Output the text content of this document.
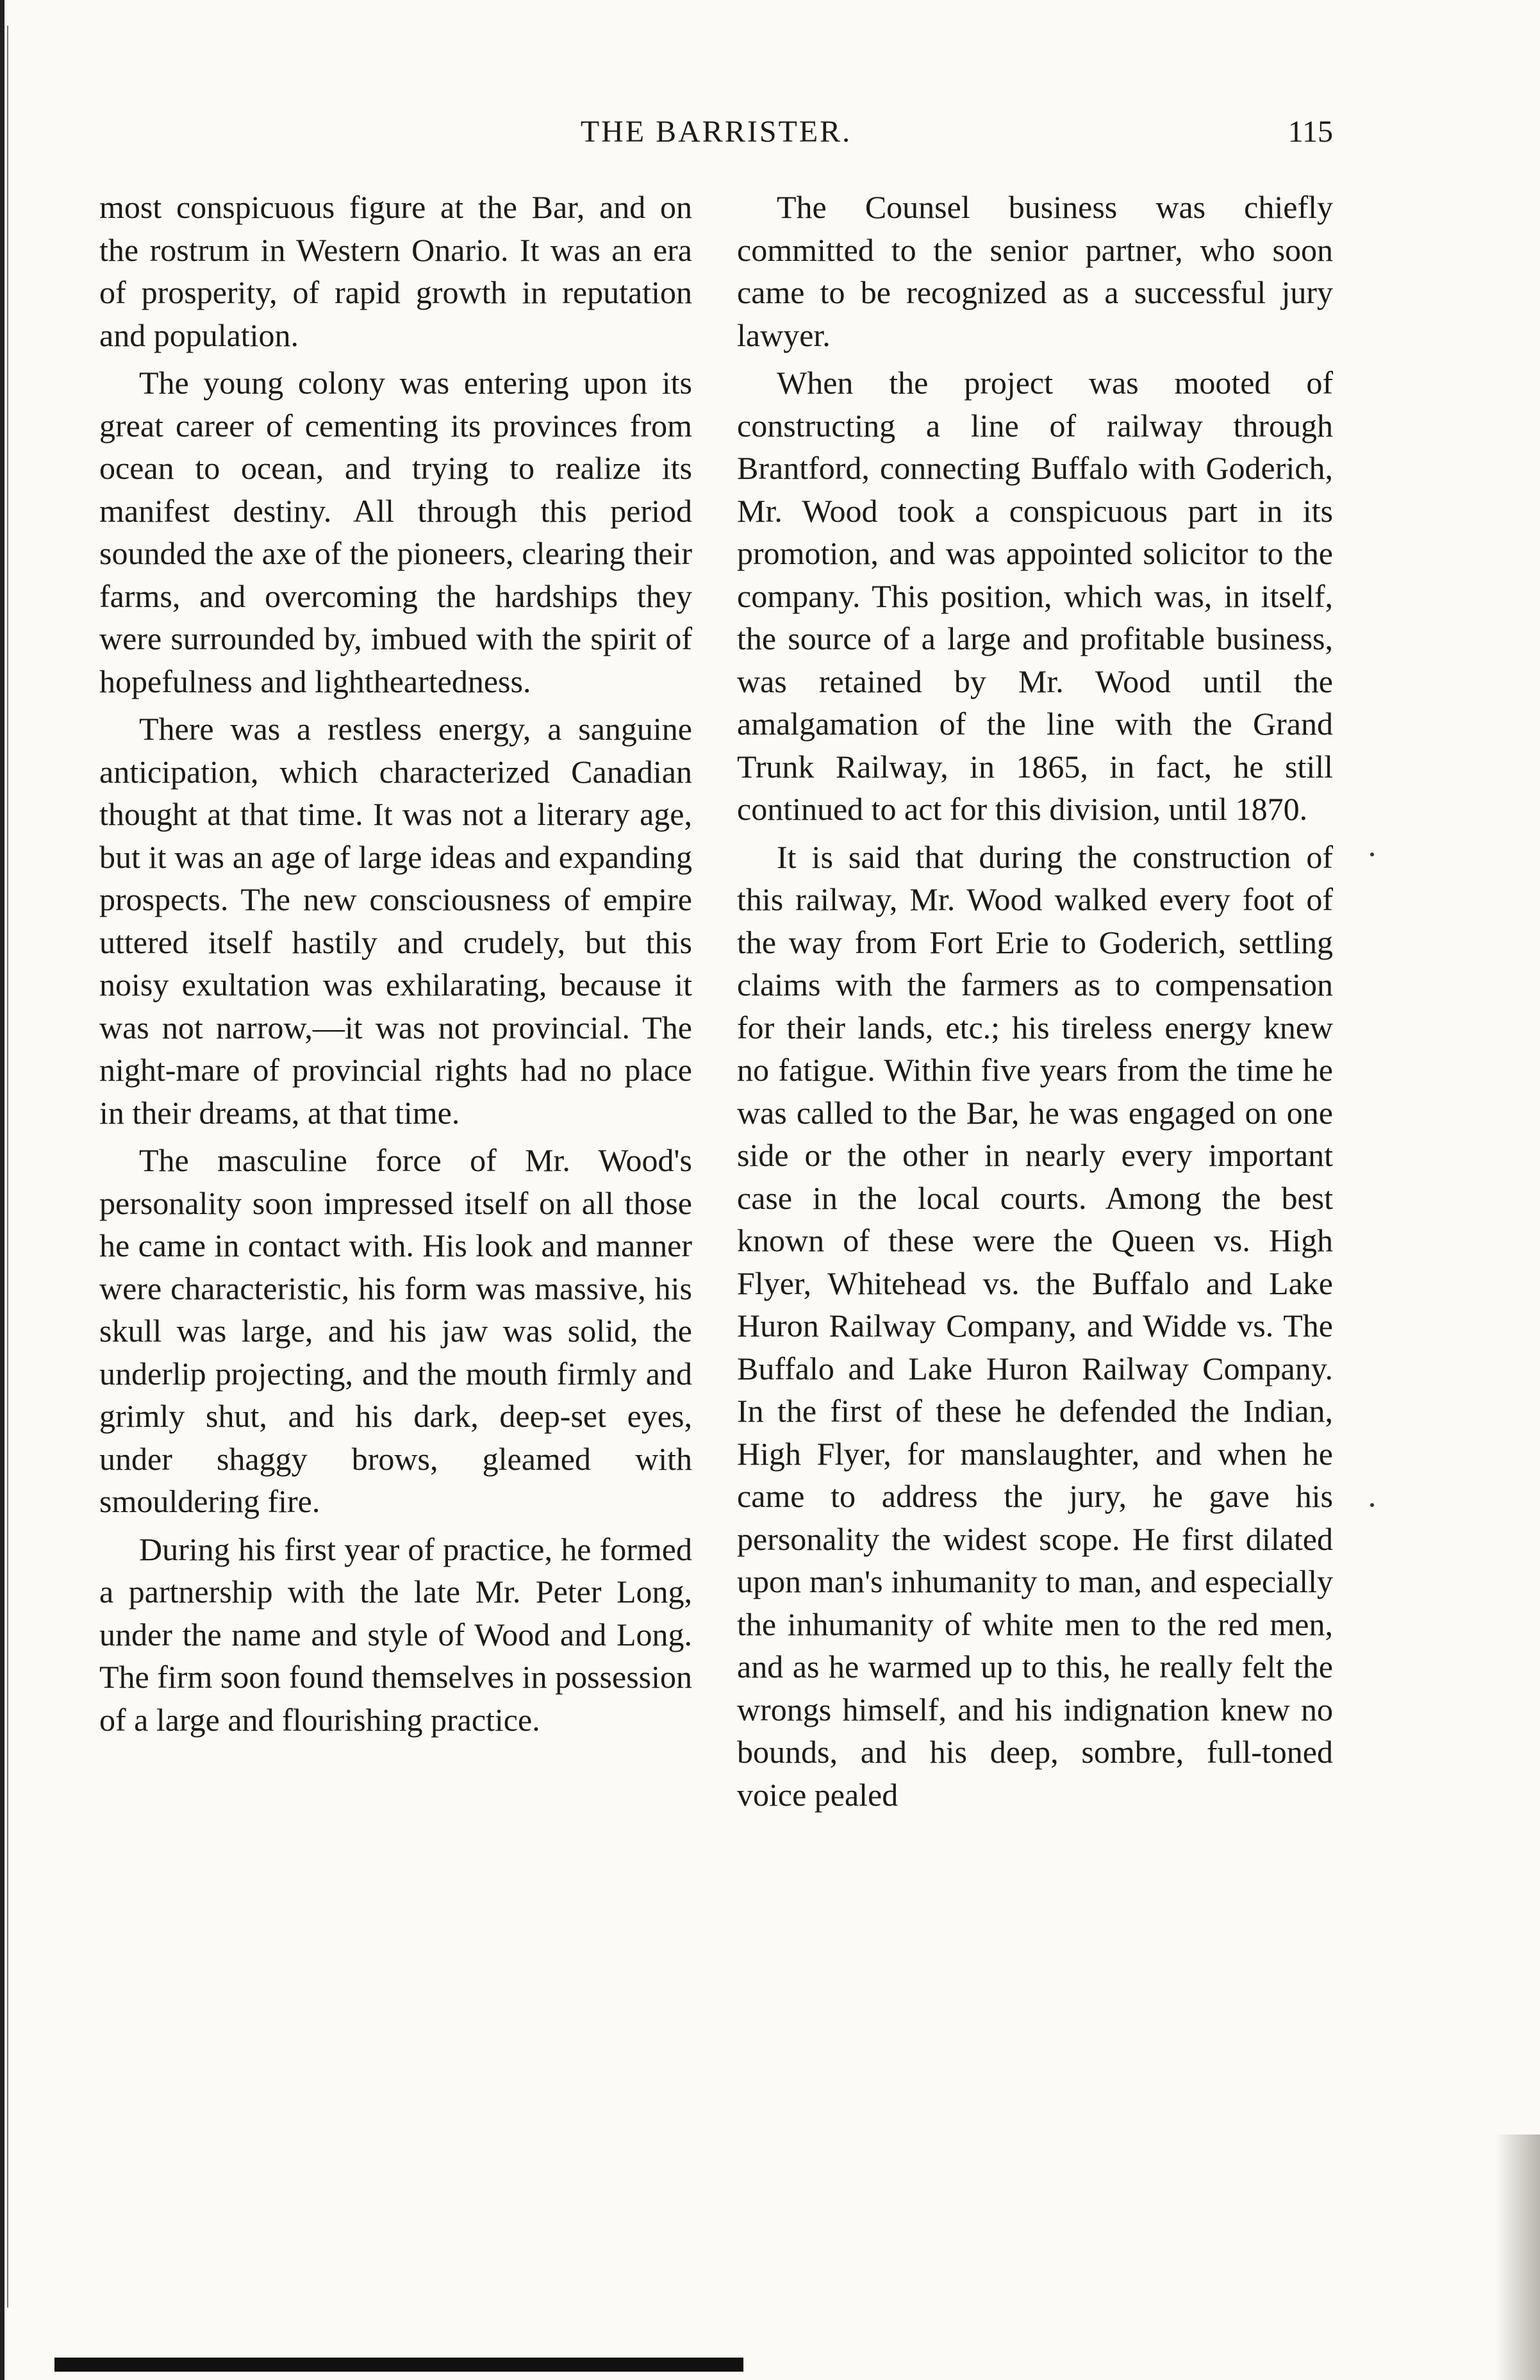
THE BARRISTER.	115

most conspicuous figure at the Bar, and on the rostrum in Western Onario. It was an era of prosperity, of rapid growth in reputation and population.

The young colony was entering upon its great career of cementing its provinces from ocean to ocean, and trying to realize its manifest destiny. All through this period sounded the axe of the pioneers, clearing their farms, and overcoming the hardships they were surrounded by, imbued with the spirit of hopefulness and lightheartedness.

There was a restless energy, a sanguine anticipation, which characterized Canadian thought at that time. It was not a literary age, but it was an age of large ideas and expanding prospects. The new consciousness of empire uttered itself hastily and crudely, but this noisy exultation was exhilarating, because it was not narrow,—it was not provincial. The night-mare of provincial rights had no place in their dreams, at that time.

The masculine force of Mr. Wood's personality soon impressed itself on all those he came in contact with. His look and manner were characteristic, his form was massive, his skull was large, and his jaw was solid, the underlip projecting, and the mouth firmly and grimly shut, and his dark, deep-set eyes, under shaggy brows, gleamed with smouldering fire.

During his first year of practice, he formed a partnership with the late Mr. Peter Long, under the name and style of Wood and Long. The firm soon found themselves in possession of a large and flourishing practice.

The Counsel business was chiefly committed to the senior partner, who soon came to be recognized as a successful jury lawyer.

When the project was mooted of constructing a line of railway through Brantford, connecting Buffalo with Goderich, Mr. Wood took a conspicuous part in its promotion, and was appointed solicitor to the company. This position, which was, in itself, the source of a large and profitable business, was retained by Mr. Wood until the amalgamation of the line with the Grand Trunk Railway, in 1865, in fact, he still continued to act for this division, until 1870.

It is said that during the construction of this railway, Mr. Wood walked every foot of the way from Fort Erie to Goderich, settling claims with the farmers as to compensation for their lands, etc.; his tireless energy knew no fatigue. Within five years from the time he was called to the Bar, he was engaged on one side or the other in nearly every important case in the local courts. Among the best known of these were the Queen vs. High Flyer, Whitehead vs. the Buffalo and Lake Huron Railway Company, and Widde vs. The Buffalo and Lake Huron Railway Company. In the first of these he defended the Indian, High Flyer, for manslaughter, and when he came to address the jury, he gave his personality the widest scope. He first dilated upon man's inhumanity to man, and especially the inhumanity of white men to the red men, and as he warmed up to this, he really felt the wrongs himself, and his indignation knew no bounds, and his deep, sombre, full-toned voice pealed
